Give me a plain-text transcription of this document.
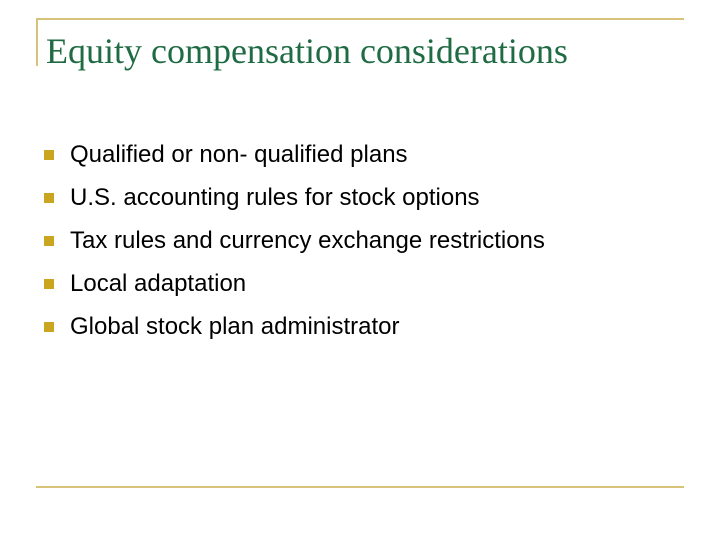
Equity compensation considerations
Qualified or non- qualified plans
U.S. accounting rules for stock options
Tax rules and currency exchange restrictions
Local adaptation
Global stock plan administrator
